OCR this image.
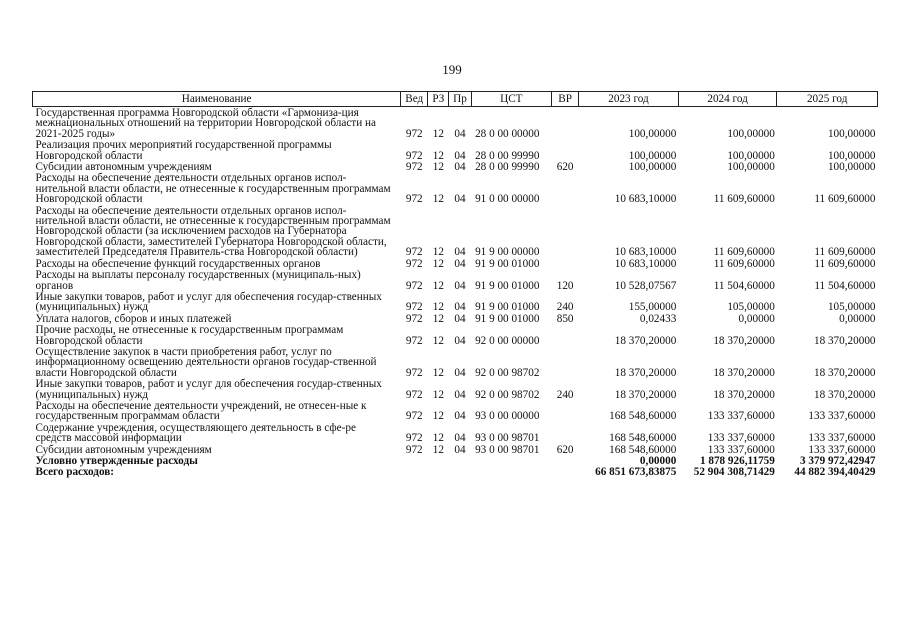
199
Наименование	Вед	РЗ	Пр	ЦСТ	ВР	2023 год	2024 год	2025 год
Государственная программа Новгородской области «Гармониза-ция межнациональных отношений на территории Новгородской области на 2021-2025 годы»	972	12	04	28 0 00 00000		100,00000	100,00000	100,00000
Реализация прочих мероприятий государственной программы Новгородской области	972	12	04	28 0 00 99990		100,00000	100,00000	100,00000
Субсидии автономным учреждениям	972	12	04	28 0 00 99990	620	100,00000	100,00000	100,00000
Расходы на обеспечение деятельности отдельных органов испол-нительной власти области, не отнесенные к государственным программам Новгородской области	972	12	04	91 0 00 00000		10 683,10000	11 609,60000	11 609,60000
Расходы на обеспечение деятельности отдельных органов испол-нительной власти области, не отнесенные к государственным программам Новгородской области (за исключением расходов на Губернатора Новгородской области, заместителей Губернатора Новгородской области, заместителей Председателя Правитель-ства Новгородской области)	972	12	04	91 9 00 00000		10 683,10000	11 609,60000	11 609,60000
Расходы на обеспечение функций государственных органов	972	12	04	91 9 00 01000		10 683,10000	11 609,60000	11 609,60000
Расходы на выплаты персоналу государственных (муниципаль-ных) органов	972	12	04	91 9 00 01000	120	10 528,07567	11 504,60000	11 504,60000
Иные закупки товаров, работ и услуг для обеспечения государ-ственных (муниципальных) нужд	972	12	04	91 9 00 01000	240	155,00000	105,00000	105,00000
Уплата налогов, сборов и иных платежей	972	12	04	91 9 00 01000	850	0,02433	0,00000	0,00000
Прочие расходы, не отнесенные к государственным программам Новгородской области	972	12	04	92 0 00 00000		18 370,20000	18 370,20000	18 370,20000
Осуществление закупок в части приобретения работ, услуг по информационному освещению деятельности органов государ-ственной власти Новгородской области	972	12	04	92 0 00 98702		18 370,20000	18 370,20000	18 370,20000
Иные закупки товаров, работ и услуг для обеспечения государ-ственных (муниципальных) нужд	972	12	04	92 0 00 98702	240	18 370,20000	18 370,20000	18 370,20000
Расходы на обеспечение деятельности учреждений, не отнесен-ные к государственным программам области	972	12	04	93 0 00 00000		168 548,60000	133 337,60000	133 337,60000
Содержание учреждения, осуществляющего деятельность в сфе-ре средств массовой информации	972	12	04	93 0 00 98701		168 548,60000	133 337,60000	133 337,60000
Субсидии автономным учреждениям	972	12	04	93 0 00 98701	620	168 548,60000	133 337,60000	133 337,60000
Условно утвержденные расходы						0,00000	1 878 926,11759	3 379 972,42947
Всего расходов:						66 851 673,83875	52 904 308,71429	44 882 394,40429
